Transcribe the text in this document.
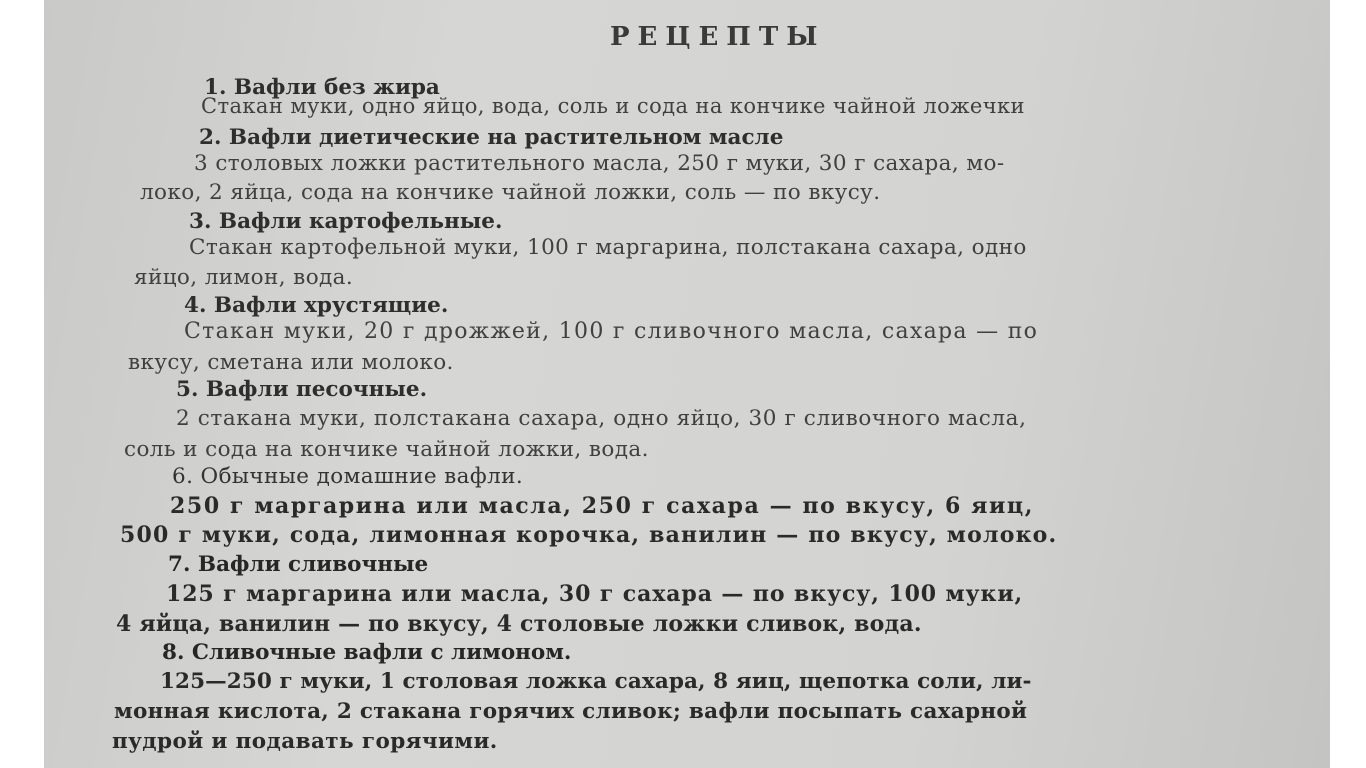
РЕЦЕПТЫ
1. Вафли без жира
Стакан муки, одно яйцо, вода, соль и сода на кончике чайной ложечки
2. Вафли диетические на растительном масле
3 столовых ложки растительного масла, 250 г муки, 30 г сахара, мо-
локо, 2 яйца, сода на кончике чайной ложки, соль — по вкусу.
3. Вафли картофельные.
Стакан картофельной муки, 100 г маргарина, полстакана сахара, одно
яйцо, лимон, вода.
4. Вафли хрустящие.
Стакан муки, 20 г дрожжей, 100 г сливочного масла, сахара — по
вкусу, сметана или молоко.
5. Вафли песочные.
2 стакана муки, полстакана сахара, одно яйцо, 30 г сливочного масла,
соль и сода на кончике чайной ложки, вода.
6. Обычные домашние вафли.
250 г маргарина или масла, 250 г сахара — по вкусу, 6 яиц,
500 г муки, сода, лимонная корочка, ванилин — по вкусу, молоко.
7. Вафли сливочные
125 г маргарина или масла, 30 г сахара — по вкусу, 100 муки,
4 яйца, ванилин — по вкусу, 4 столовые ложки сливок, вода.
8. Сливочные вафли с лимоном.
125—250 г муки, 1 столовая ложка сахара, 8 яиц, щепотка соли, ли-
монная кислота, 2 стакана горячих сливок; вафли посыпать сахарной
пудрой и подавать горячими.
